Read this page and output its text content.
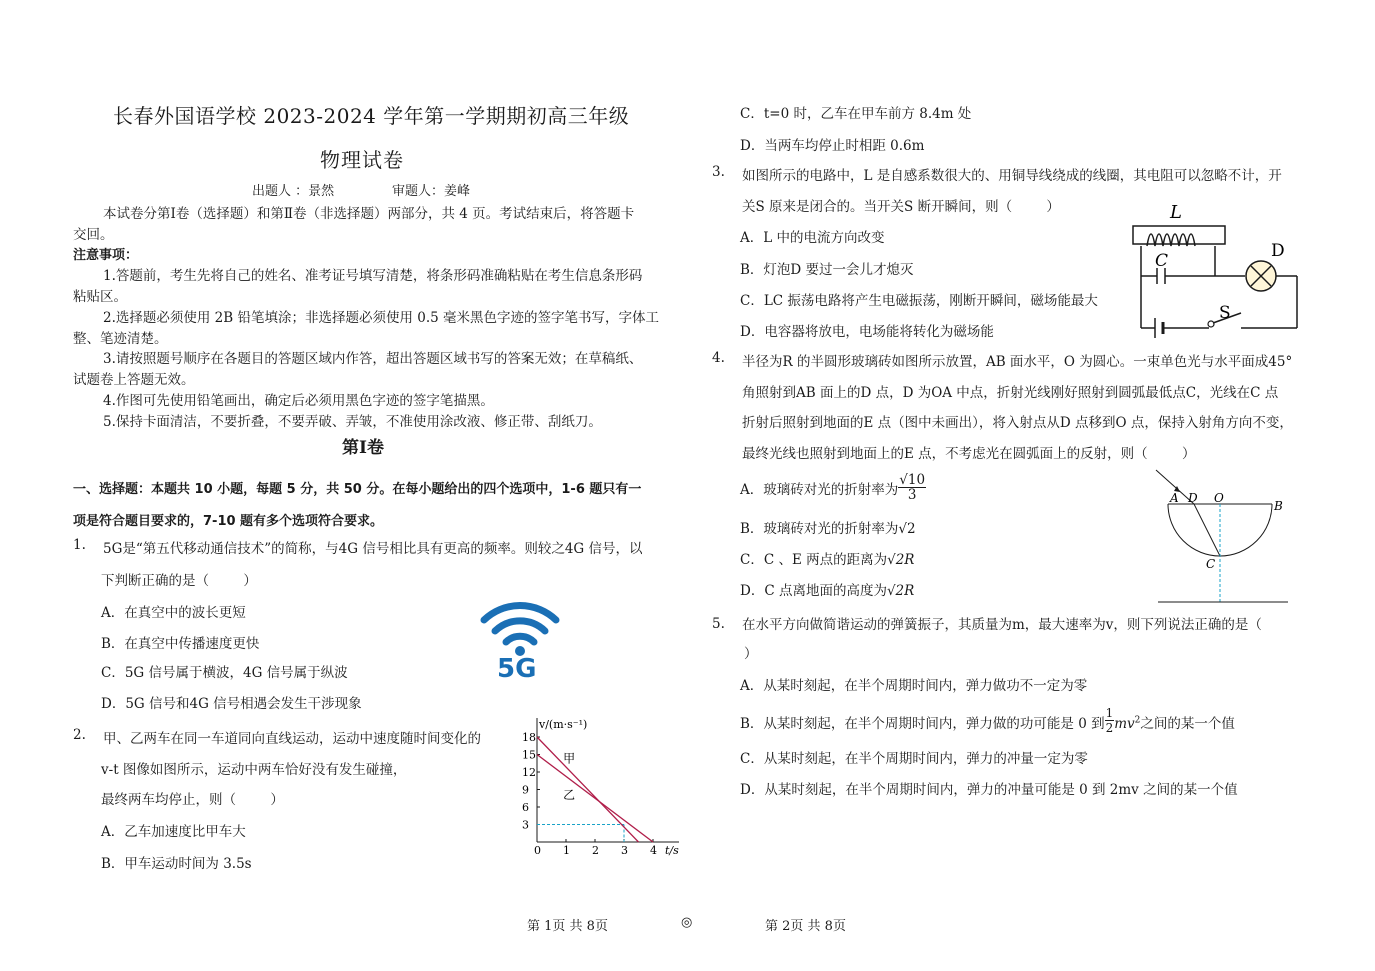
长春外国语学校 2023-2024 学年第一学期期初高三年级
物理试卷
出题人 ：景然              审题人：姜峰
本试卷分第Ⅰ卷（选择题）和第Ⅱ卷（非选择题）两部分，共 4 页。考试结束后，将答题卡
交回。
注意事项：
1.答题前，考生先将自己的姓名、准考证号填写清楚，将条形码准确粘贴在考生信息条形码
粘贴区。
2.选择题必须使用 2B 铅笔填涂；非选择题必须使用 0.5 毫米黑色字迹的签字笔书写，字体工
整、笔迹清楚。
3.请按照题号顺序在各题目的答题区域内作答，超出答题区域书写的答案无效；在草稿纸、
试题卷上答题无效。
4.作图可先使用铅笔画出，确定后必须用黑色字迹的签字笔描黑。
5.保持卡面清洁，不要折叠，不要弄破、弄皱，不准使用涂改液、修正带、刮纸刀。
第Ⅰ卷
一、选择题：本题共 10 小题，每题 5 分，共 50 分。在每小题给出的四个选项中，1-6 题只有一
项是符合题目要求的，7-10 题有多个选项符合要求。
1. 5G是“第五代移动通信技术”的简称，与4G 信号相比具有更高的频率。则较之4G 信号，以
下判断正确的是（        ）
A．在真空中的波长更短
B．在真空中传播速度更快
C．5G 信号属于横波，4G 信号属于纵波
D．5G 信号和4G 信号相遇会发生干涉现象
5G
2. 甲、乙两车在同一车道同向直线运动，运动中速度随时间变化的
v-t 图像如图所示，运动中两车恰好没有发生碰撞，
最终两车均停止，则（        ）
A．乙车加速度比甲车大
B．甲车运动时间为 3.5s
v/(m·s⁻¹)
t/s
0 1 2 3 4
3
6
9
12
15
18
甲
乙
C．t=0 时，乙车在甲车前方 8.4m 处
D．当两车均停止时相距 0.6m
3. 如图所示的电路中，L 是自感系数很大的、用铜导线绕成的线圈，其电阻可以忽略不计，开
关S 原来是闭合的。当开关S 断开瞬间，则（        ）
A．L 中的电流方向改变
B．灯泡D 要过一会儿才熄灭
C．LC 振荡电路将产生电磁振荡，刚断开瞬间，磁场能最大
D．电容器将放电，电场能将转化为磁场能
L
C	D
S
4. 半径为R 的半圆形玻璃砖如图所示放置，AB 面水平，O 为圆心。一束单色光与水平面成45°
角照射到AB 面上的D 点，D 为OA 中点，折射光线刚好照射到圆弧最低点C，光线在C 点
折射后照射到地面的E 点（图中未画出），将入射点从D 点移到O 点，保持入射角方向不变，
最终光线也照射到地面上的E 点，不考虑光在圆弧面上的反射，则（        ）
A．玻璃砖对光的折射率为 $\frac{√10}{3}$
B．玻璃砖对光的折射率为√2
C．C 、E 两点的距离为√2R
D．C 点离地面的高度为√2R
A D O
B
C
5. 在水平方向做简谐运动的弹簧振子，其质量为m，最大速率为v，则下列说法正确的是（
）
A．从某时刻起，在半个周期时间内，弹力做功不一定为零
B．从某时刻起，在半个周期时间内，弹力做的功可能是 0 到 $\frac{1}{2} mv^2$之间的某一个值
C．从某时刻起，在半个周期时间内，弹力的冲量一定为零
D．从某时刻起，在半个周期时间内，弹力的冲量可能是 0 到 2mv 之间的某一个值
第 1页 共 8页	◎	第 2页 共 8页
